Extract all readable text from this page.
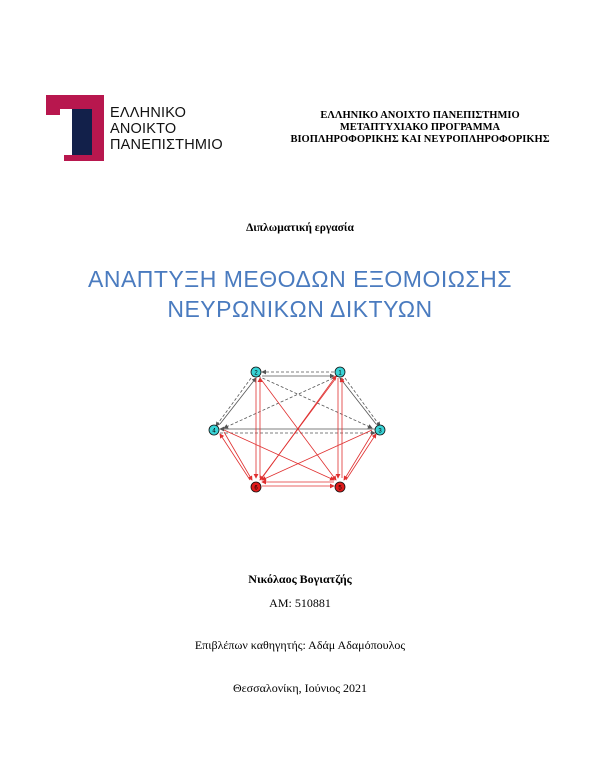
ΕΛΛΗΝΙΚΟ
ΑΝΟΙΚΤΟ
ΠΑΝΕΠΙΣΤΗΜΙΟ
ΕΛΛΗΝΙΚΟ ΑΝΟΙΧΤΟ ΠΑΝΕΠΙΣΤΗΜΙΟ
ΜΕΤΑΠΤΥΧΙΑΚΟ ΠΡΟΓΡΑΜΜΑ
ΒΙΟΠΛΗΡΟΦΟΡΙΚΗΣ ΚΑΙ ΝΕΥΡΟΠΛΗΡΟΦΟΡΙΚΗΣ
Διπλωματική εργασία
ΑΝΑΠΤΥΞΗ ΜΕΘΟΔΩΝ ΕΞΟΜΟΙΩΣΗΣ
ΝΕΥΡΩΝΙΚΩΝ ΔΙΚΤΥΩΝ
1
2
3
4
5
6
Νικόλαος Βογιατζής
ΑΜ: 510881
Επιβλέπων καθηγητής: Αδάμ Αδαμόπουλος
Θεσσαλονίκη, Ιούνιος 2021
